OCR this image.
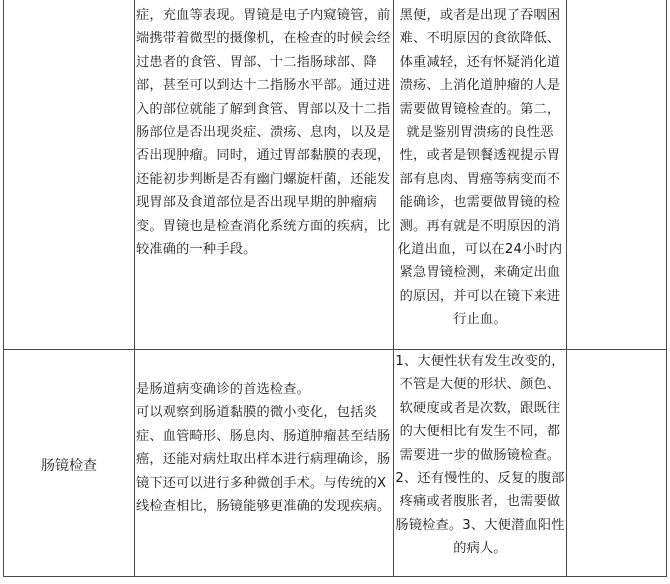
症，充血等表现。胃镜是电子内窥镜管，前端携带着微型的摄像机，在检查的时候会经过患者的食管、胃部、十二指肠球部、降部，甚至可以到达十二指肠水平部。通过进入的部位就能了解到食管、胃部以及十二指肠部位是否出现炎症、溃疡、息肉，以及是否出现肿瘤。同时，通过胃部黏膜的表现，还能初步判断是否有幽门螺旋杆菌，还能发现胃部及食道部位是否出现早期的肿瘤病变。胃镜也是检查消化系统方面的疾病，比较准确的一种手段。
黑便，或者是出现了吞咽困难、不明原因的食欲降低、体重减轻，还有怀疑消化道溃疡、上消化道肿瘤的人是需要做胃镜检查的。第二，就是鉴别胃溃疡的良性恶性，或者是钡餐透视提示胃部有息肉、胃癌等病变而不能确诊，也需要做胃镜的检测。再有就是不明原因的消化道出血，可以在24小时内紧急胃镜检测，来确定出血的原因，并可以在镜下来进行止血。
肠镜检查
是肠道病变确诊的首选检查。
可以观察到肠道黏膜的微小变化，包括炎症、血管畸形、肠息肉、肠道肿瘤甚至结肠癌，还能对病灶取出样本进行病理确诊，肠镜下还可以进行多种微创手术。与传统的X线检查相比，肠镜能够更准确的发现疾病。
1、大便性状有发生改变的，不管是大便的形状、颜色、软硬度或者是次数，跟既往的大便相比有发生不同，都需要进一步的做肠镜检查。2、还有慢性的、反复的腹部疼痛或者腹胀者，也需要做肠镜检查。3、大便潜血阳性的病人。
